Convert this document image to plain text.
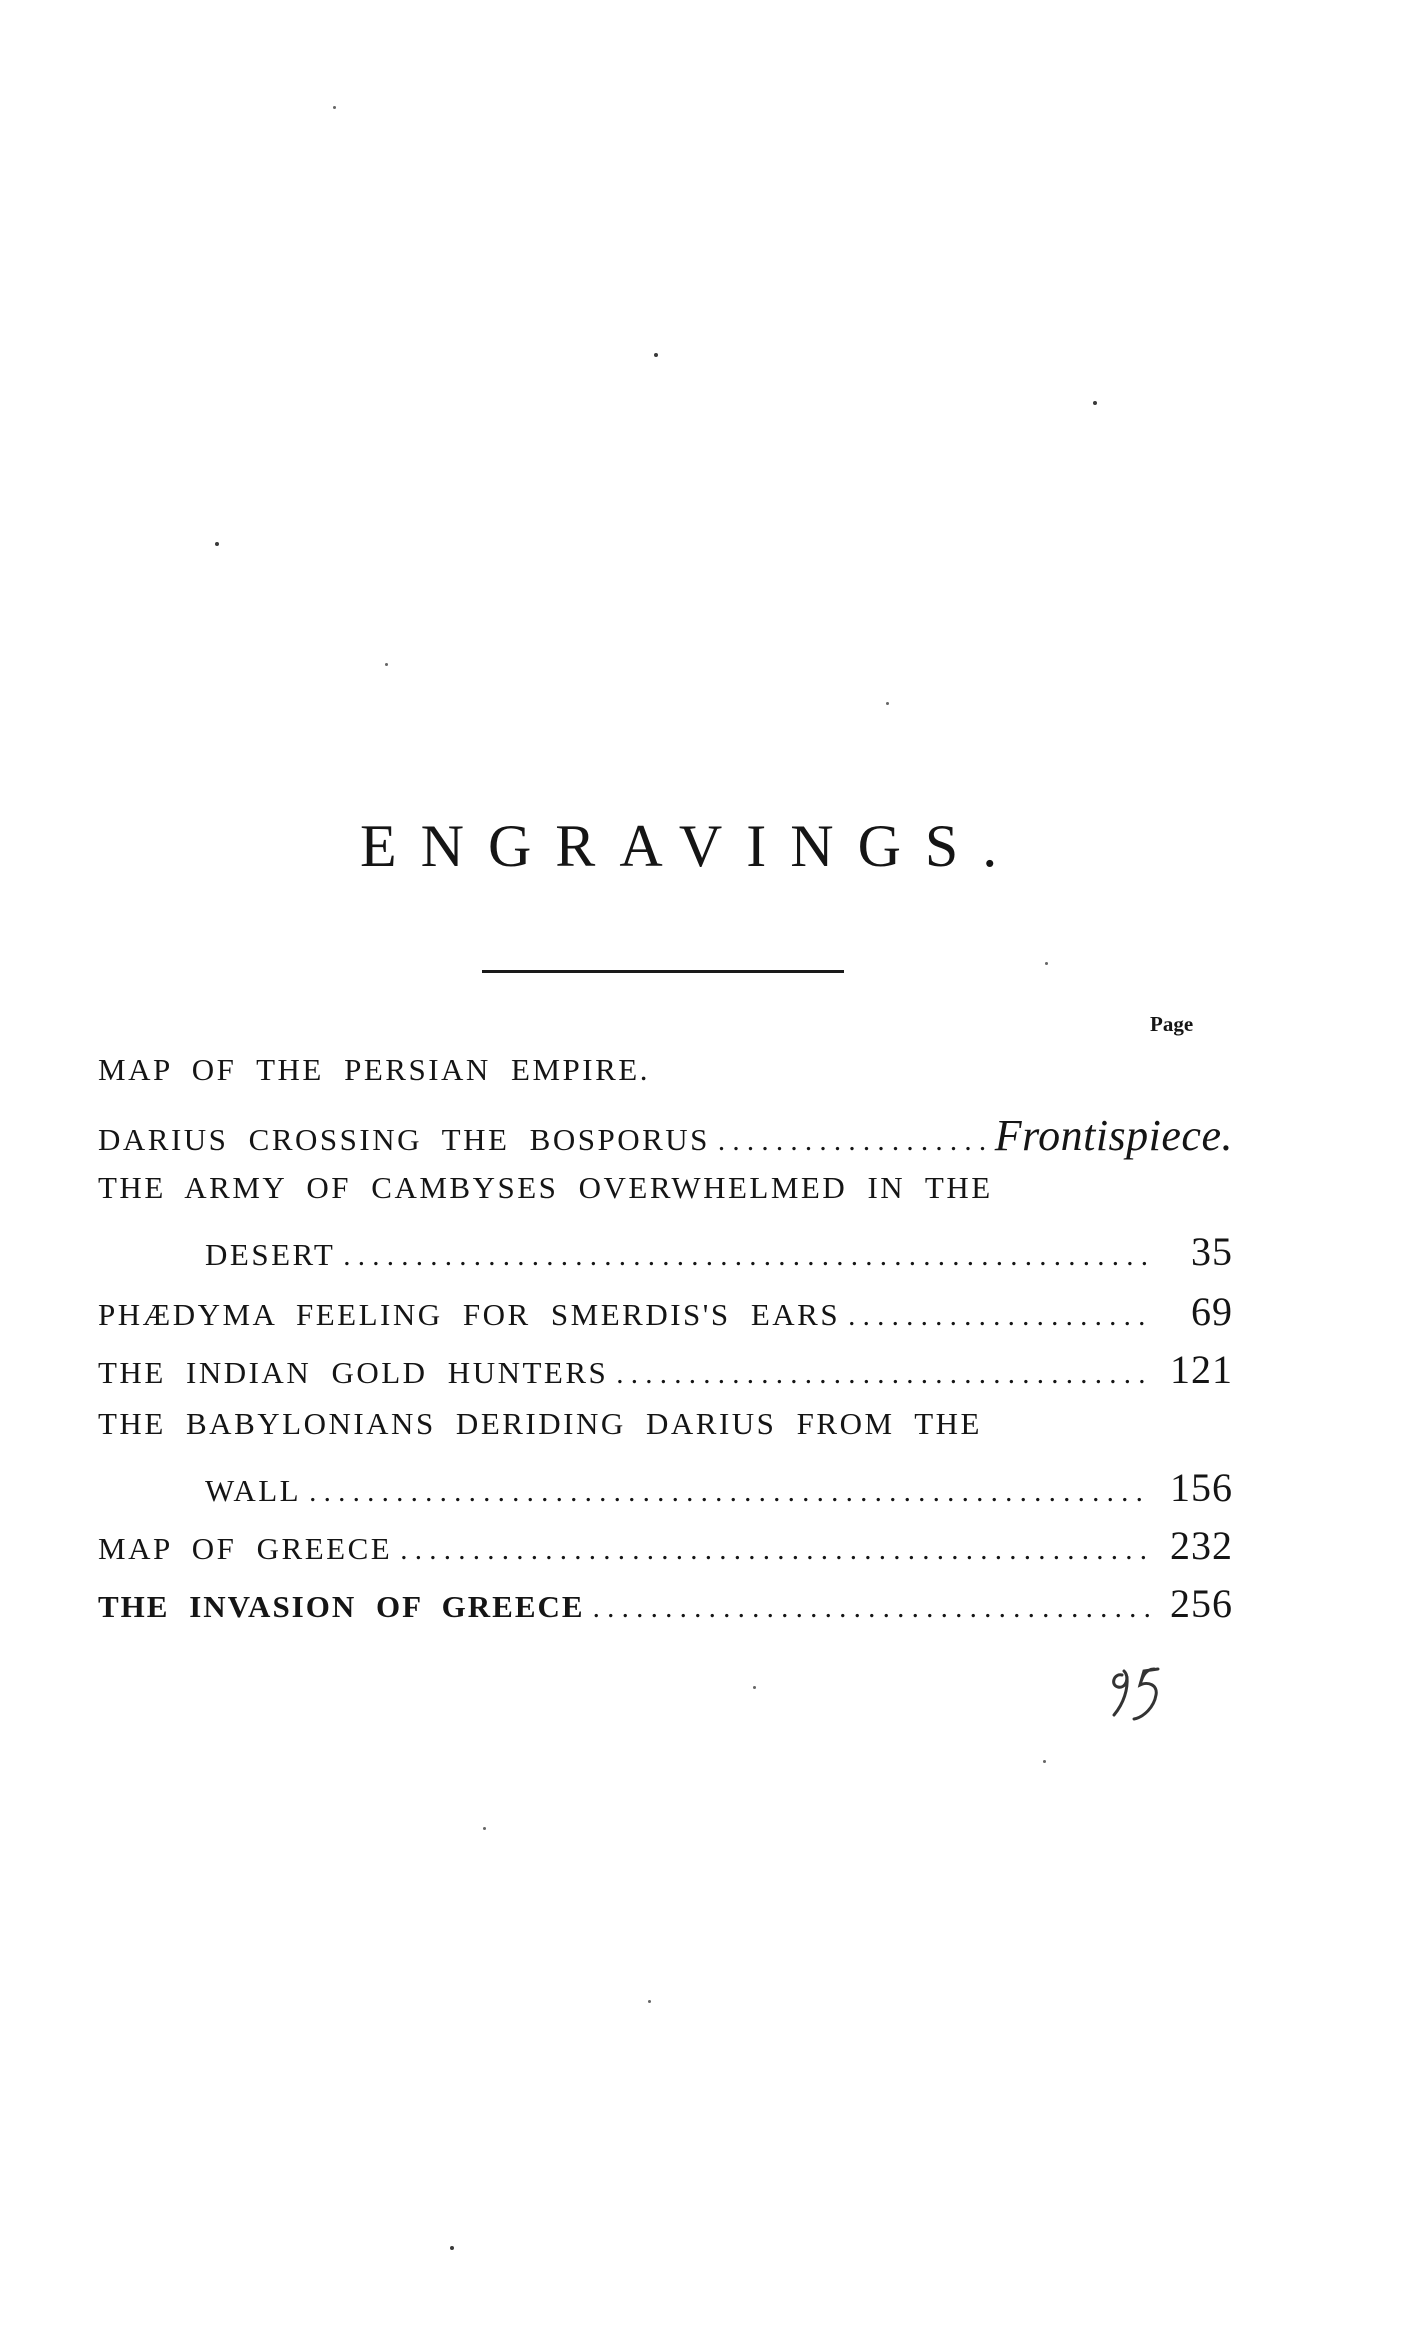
ENGRAVINGS.
Page
MAP OF THE PERSIAN EMPIRE.
DARIUS CROSSING THE BOSPORUS . . .	Frontispiece.
THE ARMY OF CAMBYSES OVERWHELMED IN THE
DESERT . . .	35
PHÆDYMA FEELING FOR SMERDIS'S EARS . . .	69
THE INDIAN GOLD HUNTERS . . .	121
THE BABYLONIANS DERIDING DARIUS FROM THE
WALL . . .	156
MAP OF GREECE . . .	232
THE INVASION OF GREECE . . .	256
